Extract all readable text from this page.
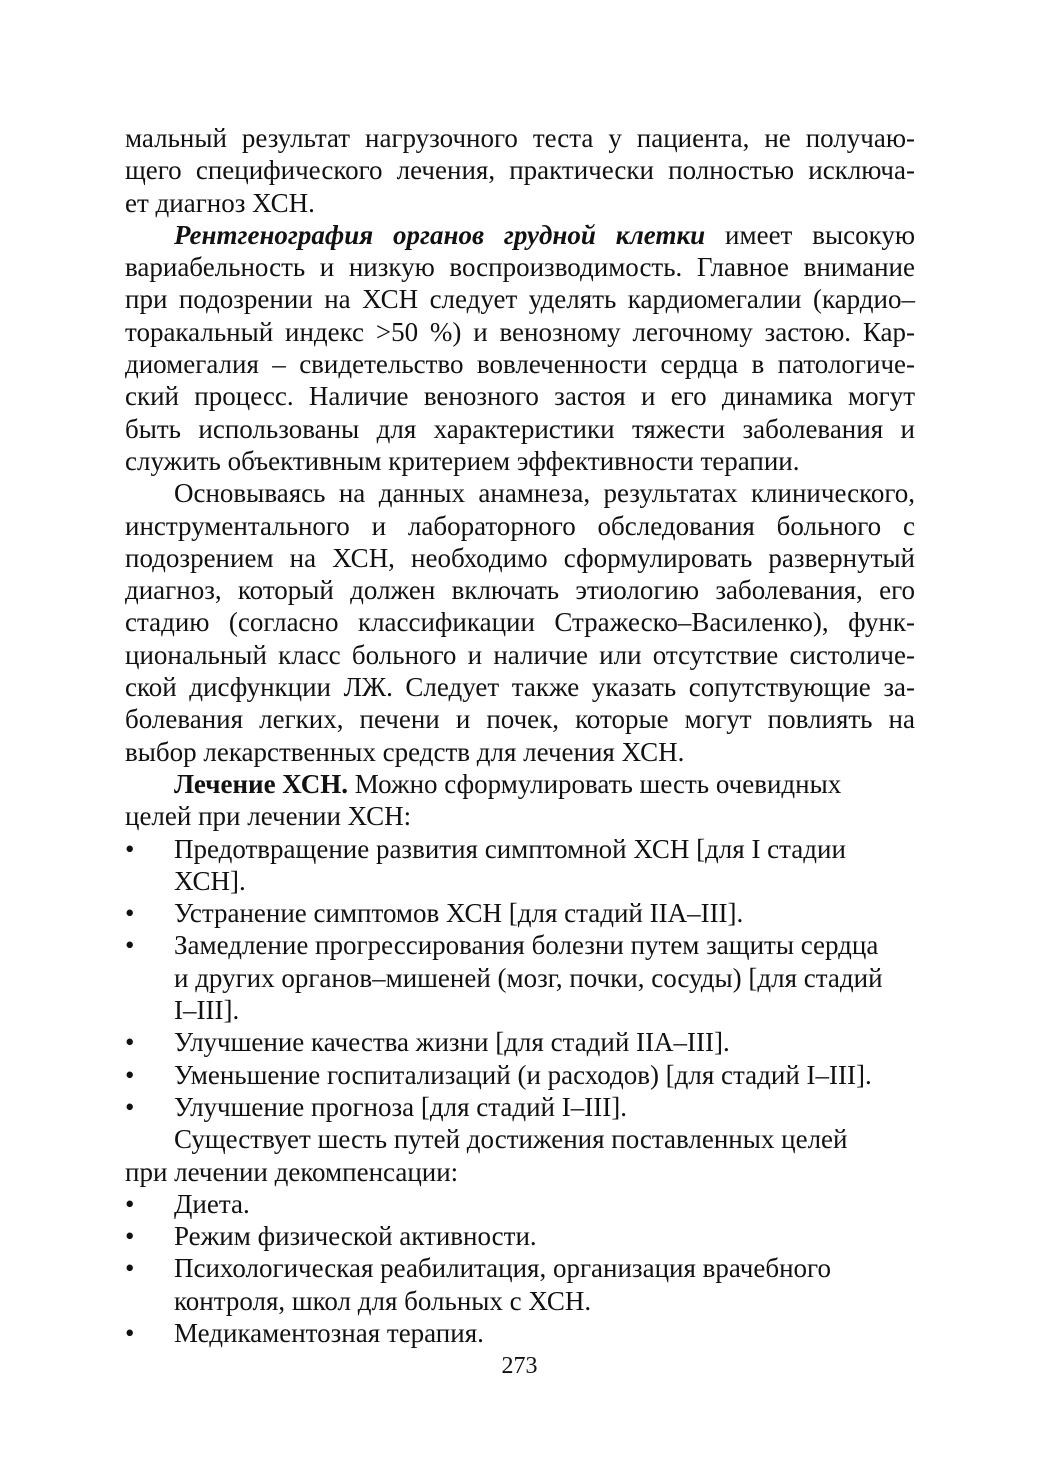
мальный результат нагрузочного теста у пациента, не получаю-
щего специфического лечения, практически полностью исключа-
ет диагноз ХСН.
Рентгенография органов грудной клетки имеет высокую
вариабельность и низкую воспроизводимость. Главное внимание
при подозрении на ХСН следует уделять кардиомегалии (кардио–
торакальный индекс >50 %) и венозному легочному застою. Кар-
диомегалия – свидетельство вовлеченности сердца в патологиче-
ский процесс. Наличие венозного застоя и его динамика могут
быть использованы для характеристики тяжести заболевания и
служить объективным критерием эффективности терапии.
Основываясь на данных анамнеза, результатах клинического,
инструментального и лабораторного обследования больного с
подозрением на ХСН, необходимо сформулировать развернутый
диагноз, который должен включать этиологию заболевания, его
стадию (согласно классификации Стражеско–Василенко), функ-
циональный класс больного и наличие или отсутствие систоличе-
ской дисфункции ЛЖ. Следует также указать сопутствующие за-
болевания легких, печени и почек, которые могут повлиять на
выбор лекарственных средств для лечения ХСН.
Лечение ХСН. Можно сформулировать шесть очевидных
целей при лечении ХСН:
• Предотвращение развития симптомной ХСН [для I стадии
ХСН].
• Устранение симптомов ХСН [для стадий IIА–III].
• Замедление прогрессирования болезни путем защиты сердца
и других органов–мишеней (мозг, почки, сосуды) [для стадий
I–III].
• Улучшение качества жизни [для стадий IIА–III].
• Уменьшение госпитализаций (и расходов) [для стадий I–III].
• Улучшение прогноза [для стадий I–III].
Существует шесть путей достижения поставленных целей
при лечении декомпенсации:
• Диета.
• Режим физической активности.
• Психологическая реабилитация, организация врачебного
контроля, школ для больных с ХСН.
• Медикаментозная терапия.
273
